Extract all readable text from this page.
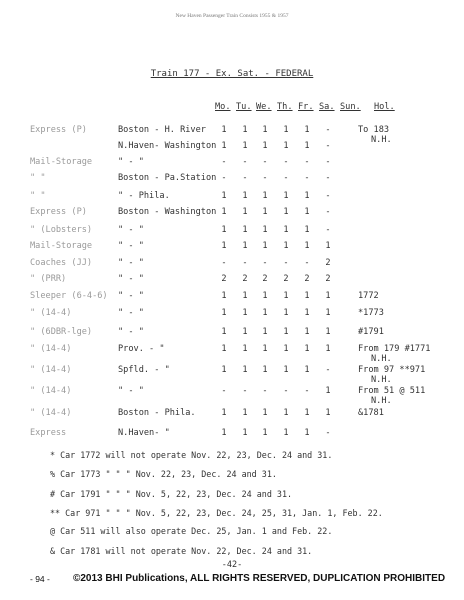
New Haven Passenger Train Consists 1955 & 1957
Train 177 - Ex. Sat. - FEDERAL
Mo. Tu. We. Th. Fr. Sa. Sun. Hol.
Express (P)	Boston - H. River	1	1	1	1	1	-	To 183
N.H.
N.Haven- Washington 1	1	1	1	1	-
Mail-Storage	" - "	-	-	-	-	-	-
" "	Boston - Pa.Station -	-	-	-	-	-
" "	" - Phila.	1	1	1	1	1	-
Express (P)	Boston - Washington 1	1	1	1	1	-
" (Lobsters)	" - "	1	1	1	1	1	-
Mail-Storage	" - "	1	1	1	1	1	1
Coaches (JJ)	" - "	-	-	-	-	-	2
" (PRR)	" - "	2	2	2	2	2	2
Sleeper (6-4-6) " - "	1	1	1	1	1	1	1772
" (14-4)	" - "	1	1	1	1	1	1	*1773
" (6DBR-lge)	" - "	1	1	1	1	1	1	#1791
" (14-4)	Prov. - "	1	1	1	1	1	1	From 179 #1771
N.H.
" (14-4)	Spfld. - "	1	1	1	1	1	-	From 97 **971
N.H.
" (14-4)	" - "	-	-	-	-	-	1	From 51 @ 511
N.H.
" (14-4)	Boston - Phila.	1	1	1	1	1	1	&1781
Express	N.Haven- "	1	1	1	1	1	-
* Car 1772 will not operate Nov. 22, 23, Dec. 24 and 31.
% Car 1773 " " " Nov. 22, 23, Dec. 24 and 31.
# Car 1791 " " " Nov. 5, 22, 23, Dec. 24 and 31.
** Car 971 " " " Nov. 5, 22, 23, Dec. 24, 25, 31, Jan. 1, Feb. 22.
@ Car 511 will also operate Dec. 25, Jan. 1 and Feb. 22.
& Car 1781 will not operate Nov. 22, Dec. 24 and 31.
-42-
- 94 - ©2013 BHI Publications, ALL RIGHTS RESERVED, DUPLICATION PROHIBITED
